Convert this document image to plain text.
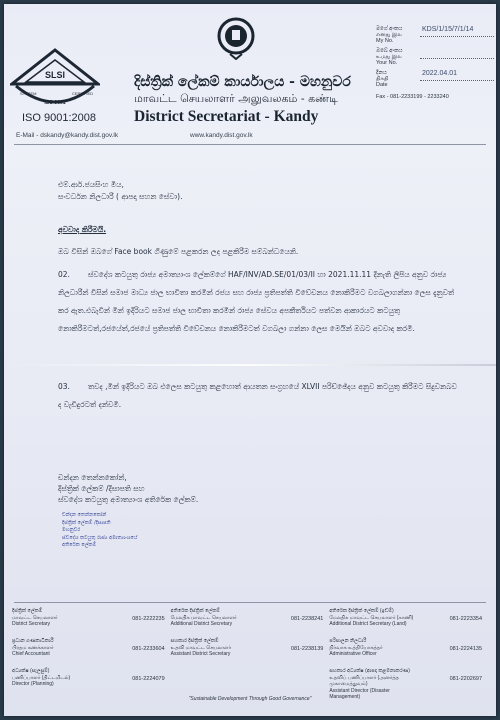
SLSI
SYSTEM	CERTIFIED
ISO 9001
ISO 9001:2008
දිස්ත්‍රික් ලේකම් කාර්යාලය - මහනුවර
மாவட்ட செயலாளர் அலுவலகம் - கண்டி
District Secretariat - Kandy
E-Mail - dskandy@kandy.dist.gov.lk	www.kandy.dist.gov.lk
මගේ අංකය
எனது இல
My No.
KDS/1/15/7/1/14
ඔබේ අංකය
உமது இல
Your No.
දිනය
திகதி
Date
2022.04.01
Fax - 081-2233199 - 2233240
එම්.ආර්.ජයසිංහ මිය,
සංවර්ධන නිලධාරී ( ආපදා සහන සේවා).
අවවාද කිරීමයි.
ඔබ විසින් ඔබගේ Face book ගිණුමේ පළකරන ලද පළකිරීම සම්බන්ධයෙනි.
02. ස්වදේශ කටයුතු රාජ්‍ය අමාත්‍යාංශ ලේකම්ගේ HAF/INV/AD.SE/01/03/II හා 2021.11.11 දිනැති ලිපිය අනුව රාජ්‍ය නිලධාරීන් විසින් සමාජ මාධ්‍ය ජාල භාවිතා කරමින් රජය සහ රාජ්‍ය ප්‍රතිපත්ති විවේචනය නොකිරීමට වගබලාගන්නා ලෙස දැනුවත් කර ඇත.එබැවින් මින් ඉදිරියට සමාජ ජාල භාවිතා කරමින් රාජ්‍ය සේවය අපකීර්තියට පත්වන ආකාරයට කටයුතු නොකිරීමටත්,රජයේත්,රජයේ ප්‍රතිපත්ති විවේචනය නොකිරීමටත් වගබලා ගන්නා ලෙස මෙයින් ඔබට අවවාද කරමි.
03. තවද ,මින් ඉදිරියට ඔබ එලෙස කටයුතු කළහොත් ආයතන සංග්‍රහයේ XLVII පරිච්ඡේදය අනුව කටයුතු කිරීමට සිදුවනබව ද වැඩිදුරටත් දන්වමි.
චන්දන තෙන්නකෝන්,
දිස්ත්‍රික් ලේකම් /දිසාපති සහ
ස්වදේශ කටයුතු අමාත්‍යාංශ අතිරේක ලේකම්.
චන්දන තෙන්නකෝන්
දිස්ත්‍රික් ලේකම් /දිසාපති
මහනුවර
ස්වදේශ කටයුතු රාජ්‍ය අමාත්‍යාංශයේ
අතිරේක ලේකම්
දිස්ත්‍රික් ලේකම්
மாவட்ட செயலாளர்
District Secretary
081-2222235
අතිරේක දිස්ත්‍රික් ලේකම්
மேலதிக மாவட்ட செயலாளர்
Additional District Secretary
081-2238241
අතිරේක දිස්ත්‍රික් ලේකම් (ඉඩම්)
மேலதிக மாவட்ட செயலாளர் (காணி)
Additional District Secretary (Land)
081-2223354
ප්‍රධාන ගණකාධිකාරී
பிரதம கணக்காளர்
Chief Accountant
081-2233604
සහකාර දිස්ත්‍රික් ලේකම්
உதவி மாவட்ட செயலாளர்
Assistant District Secretary
081-2238139
පරිපාලන නිලධාරී
நிர்வாக உத்தியோகத்தர்
Administrative Officer
081-2224135
අධ්‍යක්ෂ (සැලසුම්)
பணிப்பாளர் (திட்டமிடல்)
Director (Planning)
081-2224079
සහකාර අධ්‍යක්ෂ (ආපදා කළමනාකරණ)
உதவிப் பணிப்பாளர் (அனர்த்த முகாமைத்துவம்)
Assistant Director (Disaster Management)
081-2202697
"Sustainable Development Through Good Governance"
